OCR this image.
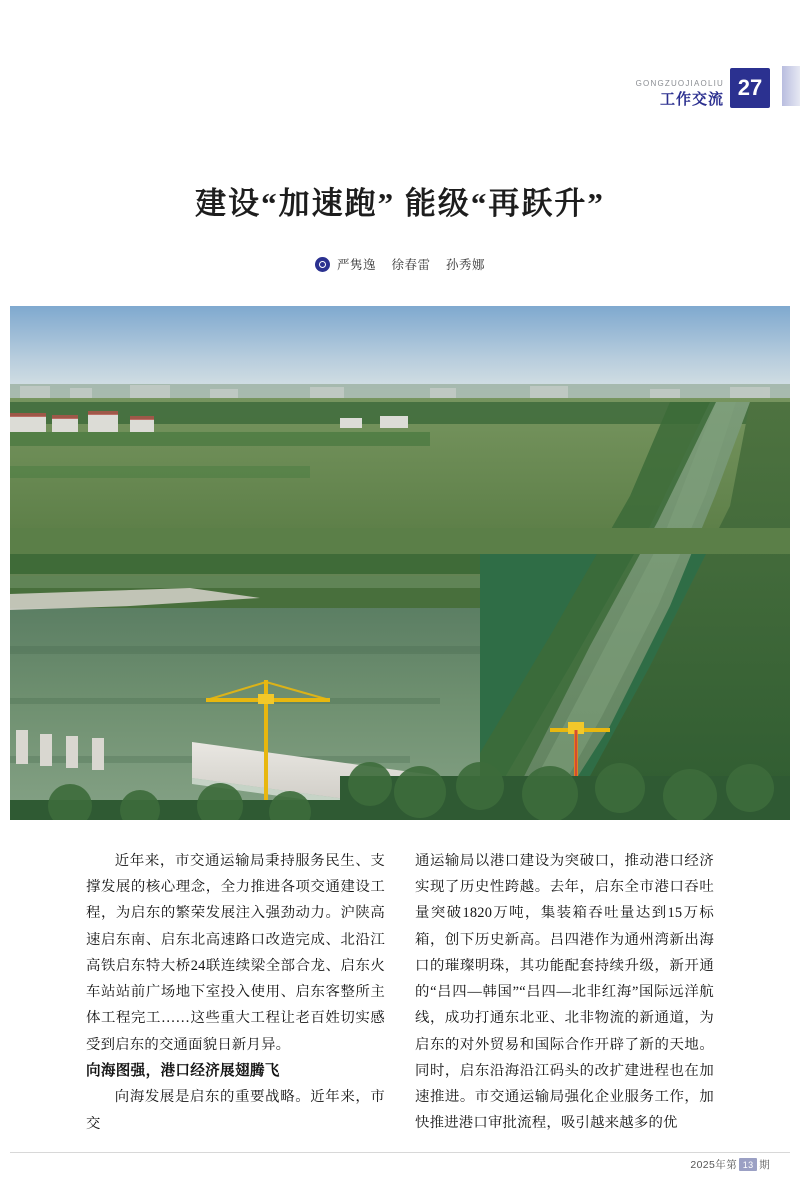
GONGZUOJIAOLIU
工作交流 27
建设“加速跑” 能级“再跃升”
严隽逸 徐春雷 孙秀娜

近年来，市交通运输局秉持服务民生、支撑发展的核心理念，全力推进各项交通建设工程，为启东的繁荣发展注入强劲动力。沪陕高速启东南、启东北高速路口改造完成、北沿江高铁启东特大桥24联连续梁全部合龙、启东火车站站前广场地下室投入使用、启东客整所主体工程完工……这些重大工程让老百姓切实感受到启东的交通面貌日新月异。

向海图强，港口经济展翅腾飞

向海发展是启东的重要战略。近年来，市交

通运输局以港口建设为突破口，推动港口经济实现了历史性跨越。去年，启东全市港口吞吐量突破1820万吨，集装箱吞吐量达到15万标箱，创下历史新高。吕四港作为通州湾新出海口的璀璨明珠，其功能配套持续升级，新开通的“吕四—韩国”“吕四—北非红海”国际远洋航线，成功打通东北亚、北非物流的新通道，为启东的对外贸易和国际合作开辟了新的天地。同时，启东沿海沿江码头的改扩建进程也在加速推进。市交通运输局强化企业服务工作，加快推进港口审批流程，吸引越来越多的优

2025年 第 13 期
